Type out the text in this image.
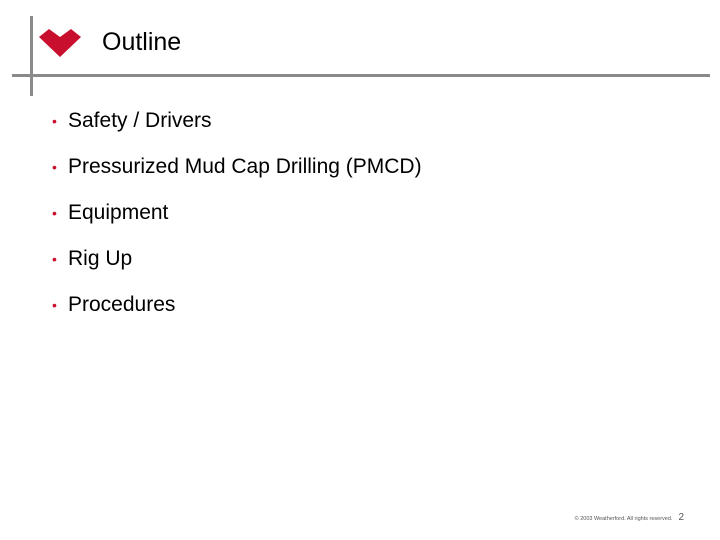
Outline
• Safety / Drivers
• Pressurized Mud Cap Drilling (PMCD)
• Equipment
• Rig Up
• Procedures
© 2003 Weatherford. All rights reserved. 2
